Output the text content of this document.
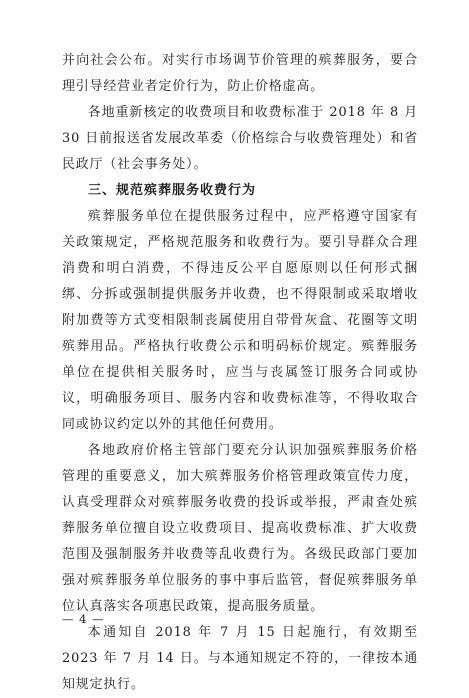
并向社会公布。对实行市场调节价管理的殡葬服务，要合理引导经营业者定价行为，防止价格虚高。

各地重新核定的收费项目和收费标准于 2018 年 8 月 30 日前报送省发展改革委（价格综合与收费管理处）和省民政厅（社会事务处）。

三、规范殡葬服务收费行为

殡葬服务单位在提供服务过程中，应严格遵守国家有关政策规定，严格规范服务和收费行为。要引导群众合理消费和明白消费，不得违反公平自愿原则以任何形式捆绑、分拆或强制提供服务并收费，也不得限制或采取增收附加费等方式变相限制丧属使用自带骨灰盒、花圈等文明殡葬用品。严格执行收费公示和明码标价规定。殡葬服务单位在提供相关服务时，应当与丧属签订服务合同或协议，明确服务项目、服务内容和收费标准等，不得收取合同或协议约定以外的其他任何费用。

各地政府价格主管部门要充分认识加强殡葬服务价格管理的重要意义，加大殡葬服务价格管理政策宣传力度，认真受理群众对殡葬服务收费的投诉或举报，严肃查处殡葬服务单位擅自设立收费项目、提高收费标准、扩大收费范围及强制服务并收费等乱收费行为。各级民政部门要加强对殡葬服务单位服务的事中事后监管，督促殡葬服务单位认真落实各项惠民政策，提高服务质量。

本通知自 2018 年 7 月 15 日起施行，有效期至 2023 年 7 月 14 日。与本通知规定不符的，一律按本通知规定执行。

— 4 —
